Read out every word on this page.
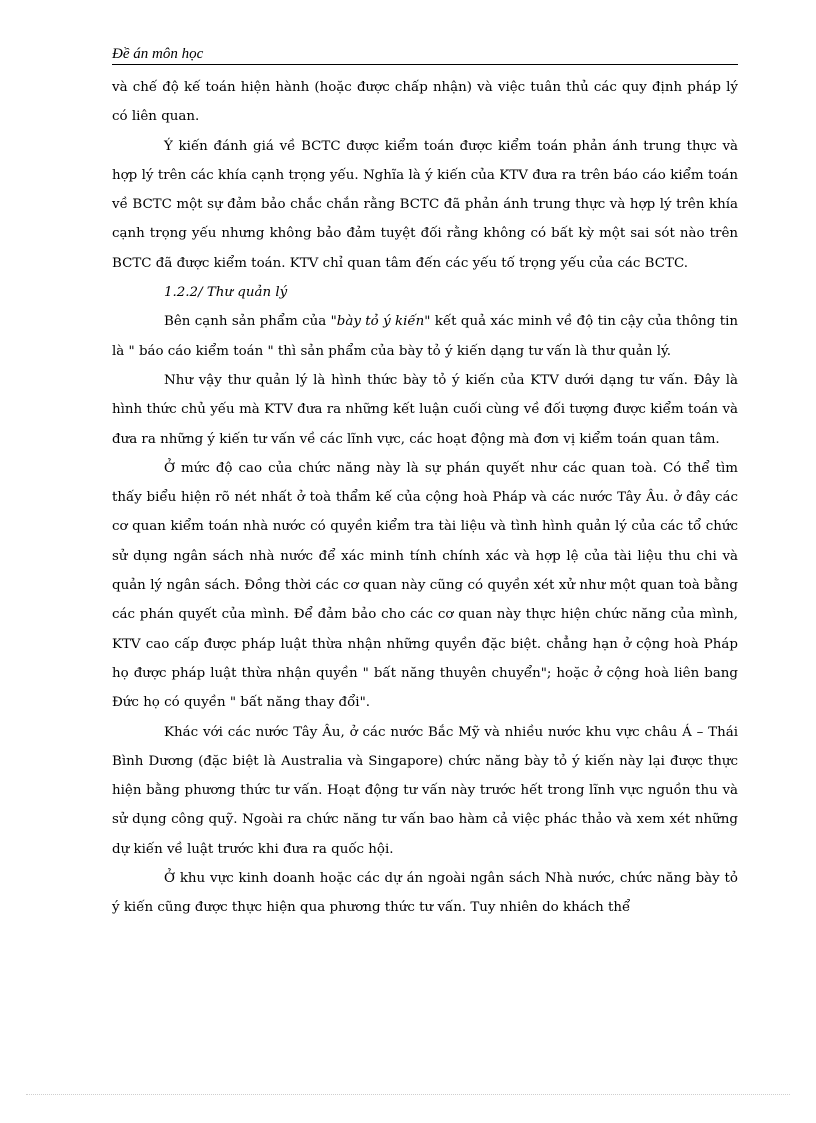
Đề án môn học

và chế độ kế toán hiện hành (hoặc được chấp nhận) và việc tuân thủ các quy định pháp lý có liên quan.

Ý kiến đánh giá về BCTC được kiểm toán được kiểm toán phản ánh trung thực và hợp lý trên các khía cạnh trọng yếu. Nghĩa là ý kiến của KTV đưa ra trên báo cáo kiểm toán về BCTC một sự đảm bảo chắc chắn rằng BCTC đã phản ánh trung thực và hợp lý trên khía cạnh trọng yếu nhưng không bảo đảm tuyệt đối rằng không có bất kỳ một sai sót nào trên BCTC đã được kiểm toán. KTV chỉ quan tâm đến các yếu tố trọng yếu của các BCTC.

1.2.2/ Thư quản lý

Bên cạnh sản phẩm của "bày tỏ ý kiến" kết quả xác minh về độ tin cậy của thông tin là " báo cáo kiểm toán " thì sản phẩm của bày tỏ ý kiến dạng tư vấn là thư quản lý.

Như vậy thư quản lý là hình thức bày tỏ ý kiến của KTV dưới dạng tư vấn. Đây là hình thức chủ yếu mà KTV đưa ra những kết luận cuối cùng về đối tượng được kiểm toán và đưa ra những ý kiến tư vấn về các lĩnh vực, các hoạt động mà đơn vị kiểm toán quan tâm.

Ở mức độ cao của chức năng này là sự phán quyết như các quan toà. Có thể tìm thấy biểu hiện rõ nét nhất ở toà thẩm kế của cộng hoà Pháp và các nước Tây Âu. ở đây các cơ quan kiểm toán nhà nước có quyền kiểm tra tài liệu và tình hình quản lý của các tổ chức sử dụng ngân sách nhà nước để xác minh tính chính xác và hợp lệ của tài liệu thu chi và quản lý ngân sách. Đồng thời các cơ quan này cũng có quyền xét xử như một quan toà bằng các phán quyết của mình. Để đảm bảo cho các cơ quan này thực hiện chức năng của mình, KTV cao cấp được pháp luật thừa nhận những quyền đặc biệt. chẳng hạn ở cộng hoà Pháp họ được pháp luật thừa nhận quyền " bất năng thuyên chuyển"; hoặc ở cộng hoà liên bang Đức họ có quyền " bất năng thay đổi".

Khác với các nước Tây Âu, ở các nước Bắc Mỹ và nhiều nước khu vực châu Á – Thái Bình Dương (đặc biệt là Australia và Singapore) chức năng bày tỏ ý kiến này lại được thực hiện bằng phương thức tư vấn. Hoạt động tư vấn này trước hết trong lĩnh vực nguồn thu và sử dụng công quỹ. Ngoài ra chức năng tư vấn bao hàm cả việc phác thảo và xem xét những dự kiến về luật trước khi đưa ra quốc hội.

Ở khu vực kinh doanh hoặc các dự án ngoài ngân sách Nhà nước, chức năng bày tỏ ý kiến cũng được thực hiện qua phương thức tư vấn. Tuy nhiên do khách thể
